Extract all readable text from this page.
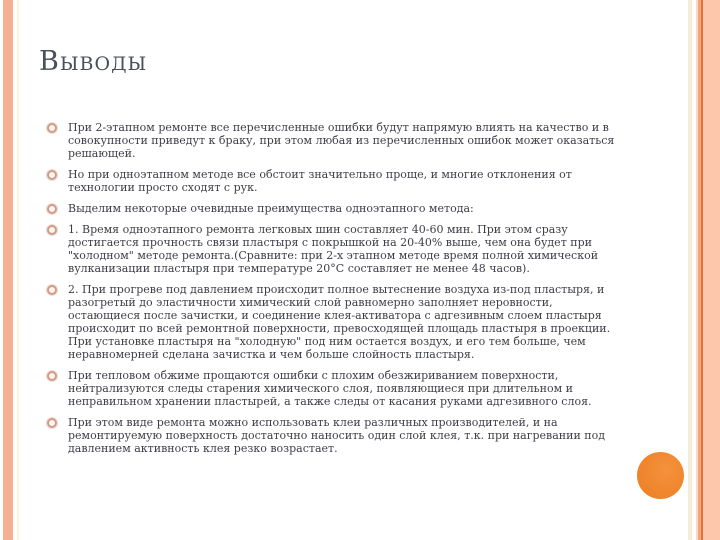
Выводы
При 2-этапном ремонте все перечисленные ошибки будут напрямую влиять на качество и в совокупности приведут к браку, при этом любая из перечисленных ошибок может оказаться решающей.
Но при одноэтапном методе все обстоит значительно проще, и многие отклонения от технологии просто сходят с рук.
Выделим некоторые очевидные преимущества одноэтапного метода:
1. Время одноэтапного ремонта легковых шин составляет 40-60 мин. При этом сразу достигается прочность связи пластыря с покрышкой на 20-40% выше, чем она будет при "холодном" методе ремонта.(Сравните: при 2-х этапном методе время полной химической вулканизации пластыря при температуре 20°С составляет не менее 48 часов).
2. При прогреве под давлением происходит полное вытеснение воздуха из-под пластыря, и разогретый до эластичности химический слой равномерно заполняет неровности, остающиеся после зачистки, и соединение клея-активатора с адгезивным слоем пластыря происходит по всей ремонтной поверхности, превосходящей площадь пластыря в проекции. При установке пластыря на "холодную" под ним остается воздух, и его тем больше, чем неравномерней сделана зачистка и чем больше слойность пластыря.
При тепловом обжиме прощаются ошибки с плохим обезжириванием поверхности, нейтрализуются следы старения химического слоя, появляющиеся при длительном и неправильном хранении пластырей, а также следы от касания руками адгезивного слоя.
При этом виде ремонта можно использовать клеи различных производителей, и на ремонтируемую поверхность достаточно наносить один слой клея, т.к. при нагревании под давлением активность клея резко возрастает.
